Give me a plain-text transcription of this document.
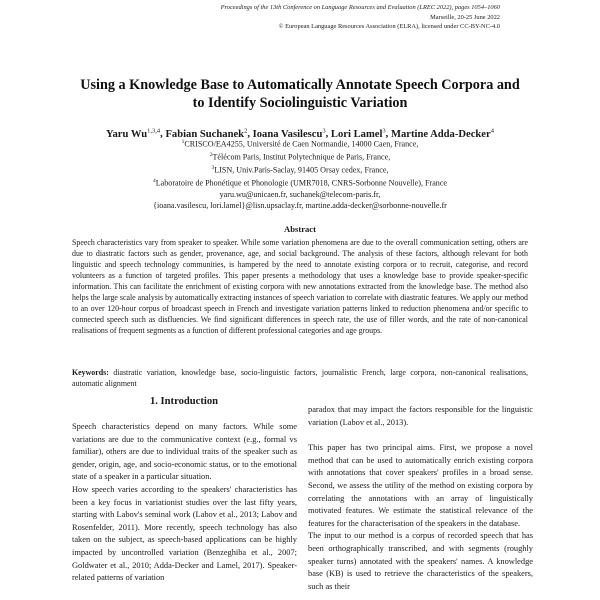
Proceedings of the 13th Conference on Language Resources and Evaluation (LREC 2022), pages 1054–1060
Marseille, 20-25 June 2022
© European Language Resources Association (ELRA), licensed under CC-BY-NC-4.0
Using a Knowledge Base to Automatically Annotate Speech Corpora and
to Identify Sociolinguistic Variation
Yaru Wu$^{1,3,4}$, Fabian Suchanek$^2$, Ioana Vasilescu$^3$, Lori Lamel$^3$, Martine Adda-Decker$^4$
$^1$CRISCO/EA4255, Université de Caen Normandie, 14000 Caen, France,
$^2$Télécom Paris, Institut Polytechnique de Paris, France,
$^3$LISN, Univ.Paris-Saclay, 91405 Orsay cedex, France,
$^4$Laboratoire de Phonétique et Phonologie (UMR7018, CNRS-Sorbonne Nouvelle), France
yaru.wu@unicaen.fr, suchanek@telecom-paris.fr,
{ioana.vasilescu, lori.lamel}@lisn.upsaclay.fr, martine.adda-decker@sorbonne-nouvelle.fr
Abstract
Speech characteristics vary from speaker to speaker. While some variation phenomena are due to the overall communication setting, others are due to diastratic factors such as gender, provenance, age, and social background. The analysis of these factors, although relevant for both linguistic and speech technology communities, is hampered by the need to annotate existing corpora or to recruit, categorise, and record volunteers as a function of targeted profiles. This paper presents a methodology that uses a knowledge base to provide speaker-specific information. This can facilitate the enrichment of existing corpora with new annotations extracted from the knowledge base. The method also helps the large scale analysis by automatically extracting instances of speech variation to correlate with diastratic features. We apply our method to an over 120-hour corpus of broadcast speech in French and investigate variation patterns linked to reduction phenomena and/or specific to connected speech such as disfluencies. We find significant differences in speech rate, the use of filler words, and the rate of non-canonical realisations of frequent segments as a function of different professional categories and age groups.
Keywords: diastratic variation, knowledge base, socio-linguistic factors, journalistic French, large corpora, non-canonical realisations, automatic alignment
1. Introduction

Speech characteristics depend on many factors. While some variations are due to the communicative context (e.g., formal vs familiar), others are due to individual traits of the speaker such as gender, origin, age, and socio-economic status, or to the emotional state of a speaker in a particular situation.

How speech varies according to the speakers' characteristics has been a key focus in variationist studies over the last fifty years, starting with Labov's seminal work (Labov et al., 2013; Labov and Rosenfelder, 2011). More recently, speech technology has also taken on the subject, as speech-based applications can be highly impacted by uncontrolled variation (Benzeghiba et al., 2007; Goldwater et al., 2010; Adda-Decker and Lamel, 2017). Speaker-related patterns of variation

paradox that may impact the factors responsible for the linguistic variation (Labov et al., 2013).

This paper has two principal aims. First, we propose a novel method that can be used to automatically enrich existing corpora with annotations that cover speakers' profiles in a broad sense. Second, we assess the utility of the method on existing corpora by correlating the annotations with an array of linguistically motivated features. We estimate the statistical relevance of the features for the characterisation of the speakers in the database.

The input to our method is a corpus of recorded speech that has been orthographically transcribed, and with segments (roughly speaker turns) annotated with the speakers' names. A knowledge base (KB) is used to retrieve the characteristics of the speakers, such as their
